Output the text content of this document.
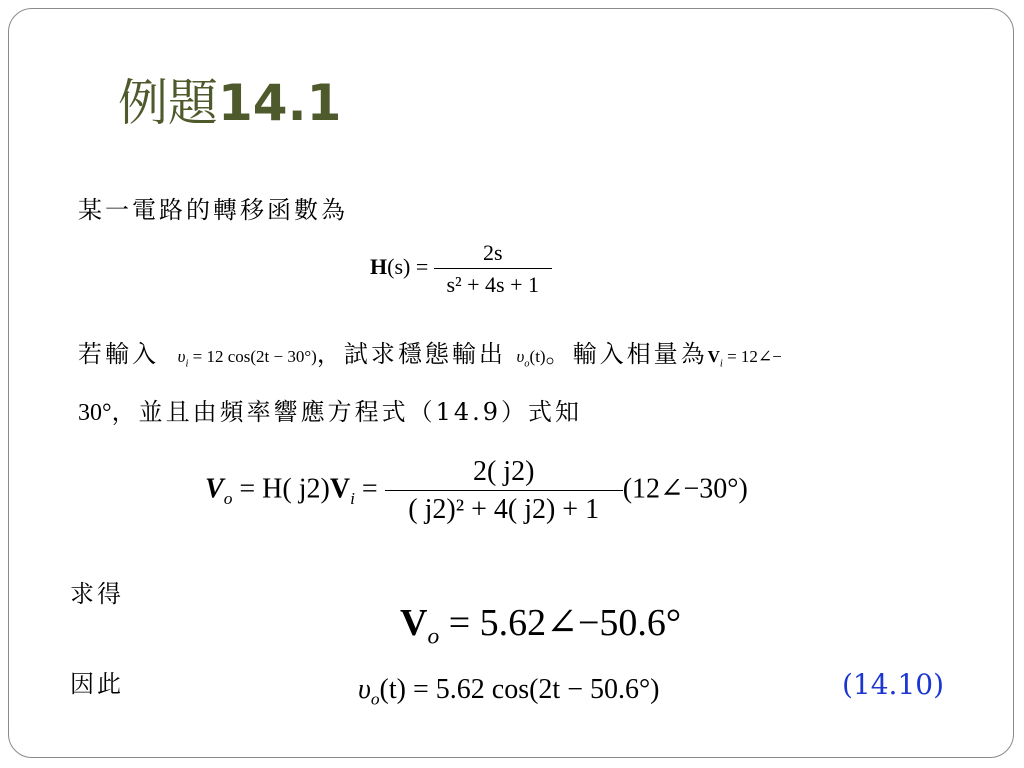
例題14.1
某一電路的轉移函數為
$H(s) = \frac{2s}{\text{s² + 4s + 1}}$
若輸入 $\upsilon_i = 12$ cos(2t − 30°)，試求穩態輸出 $\upsilon_o(t)$。輸入相量為$V_i$ = 12∠−
30°，並且由頻率響應方程式（14.9）式知
$V_o = H$( $j2)V_i = \frac{2( j2)}{\text{( j2)² + 4( j2) + 1}}$ (12∠−30°)
求得
$V_o$ = 5.62∠−50.6°
因此	$\upsilon_o(t) = 5.62$ cos(2t − 50.6°)	(14.10)
